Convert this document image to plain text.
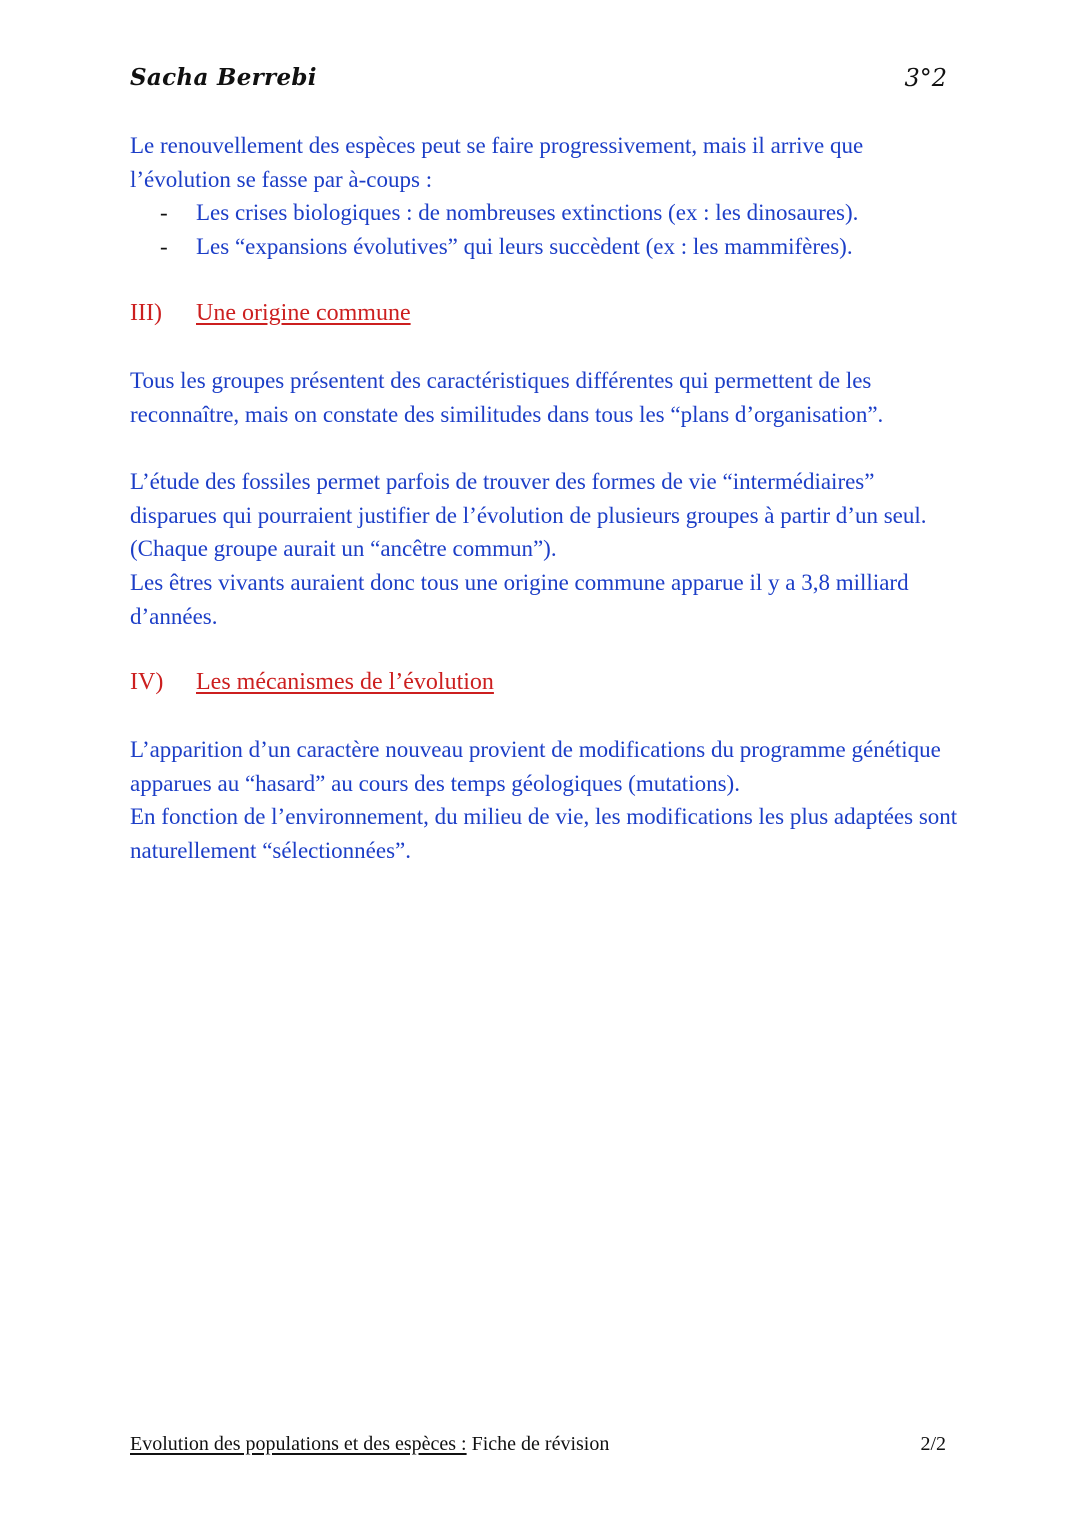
Sacha Berrebi	3°2

Le renouvellement des espèces peut se faire progressivement, mais il arrive que l’évolution se fasse par à-coups :

- Les crises biologiques : de nombreuses extinctions (ex : les dinosaures).
- Les “expansions évolutives” qui leurs succèdent (ex : les mammifères).
III) Une origine commune

Tous les groupes présentent des caractéristiques différentes qui permettent de les reconnaître, mais on constate des similitudes dans tous les “plans d’organisation”.

L’étude des fossiles permet parfois de trouver des formes de vie “intermédiaires” disparues qui pourraient justifier de l’évolution de plusieurs groupes à partir d’un seul. (Chaque groupe aurait un “ancêtre commun”).

Les êtres vivants auraient donc tous une origine commune apparue il y a 3,8 milliard d’années.

IV) Les mécanismes de l’évolution

L’apparition d’un caractère nouveau provient de modifications du programme génétique apparues au “hasard” au cours des temps géologiques (mutations).

En fonction de l’environnement, du milieu de vie, les modifications les plus adaptées sont naturellement “sélectionnées”.

Evolution des populations et des espèces : Fiche de révision	2/2
